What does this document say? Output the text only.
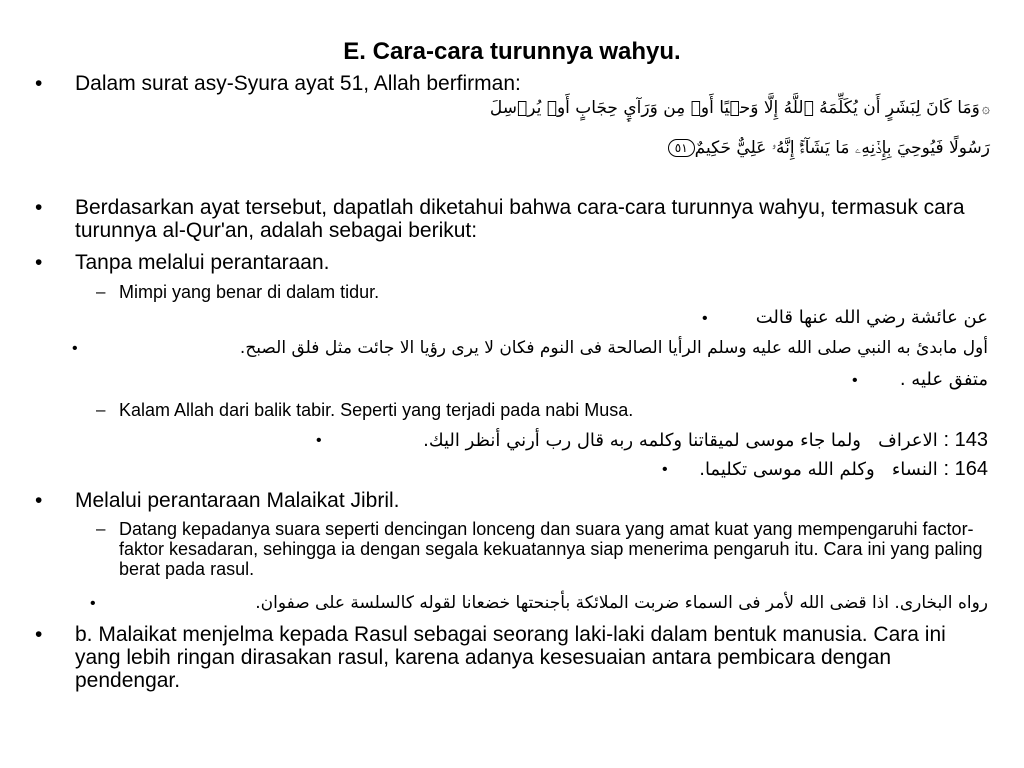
E. Cara-cara turunnya wahyu.
• Dalam surat asy-Syura ayat 51, Allah berfirman:
۞وَمَا كَانَ لِبَشَرٍ أَن يُكَلِّمَهُ ٱللَّهُ إِلَّا وَحۡيًا أَوۡ مِن وَرَآيِٕ حِجَابٍ أَوۡ يُرۡسِلَ
رَسُولًا فَيُوحِيَ بِإِذۡنِهِۦ مَا يَشَآءُۚ إِنَّهُۥ عَلِيٌّ حَكِيمٌ٥١
• Berdasarkan ayat tersebut, dapatlah diketahui bahwa cara-cara turunnya wahyu, termasuk cara turunnya al-Qur'an, adalah sebagai berikut:
• Tanpa melalui perantaraan.
– Mimpi yang benar di dalam tidur.
عن عائشة رضي الله عنها قالت
•
•	أول مابدئ به النبي صلى الله عليه وسلم الرأيا الصالحة فى النوم فكان لا يرى رؤيا الا جائت مثل فلق الصبح.
متفق عليه .
•
– Kalam Allah dari balik tabir. Seperti yang terjadi pada nabi Musa.
•	: 143 الاعراف   ولما جاء موسى لميقاتنا وكلمه ربه قال رب أرني أنظر اليك.
•	: 164 النساء   وكلم الله موسى تكليما.
• Melalui perantaraan Malaikat Jibril.
– Datang kepadanya suara seperti dencingan lonceng dan suara yang amat kuat yang mempengaruhi factor-faktor kesadaran, sehingga ia dengan segala kekuatannya siap menerima pengaruh itu. Cara ini yang paling berat pada rasul.
•	رواه البخارى. اذا قضى الله لأمر فى السماء ضربت الملائكة بأجنحتها خضعانا لقوله كالسلسة على صفوان.
• b. Malaikat menjelma kepada Rasul sebagai seorang laki-laki dalam bentuk manusia. Cara ini yang lebih ringan dirasakan rasul, karena adanya kesesuaian antara pembicara dengan pendengar.
